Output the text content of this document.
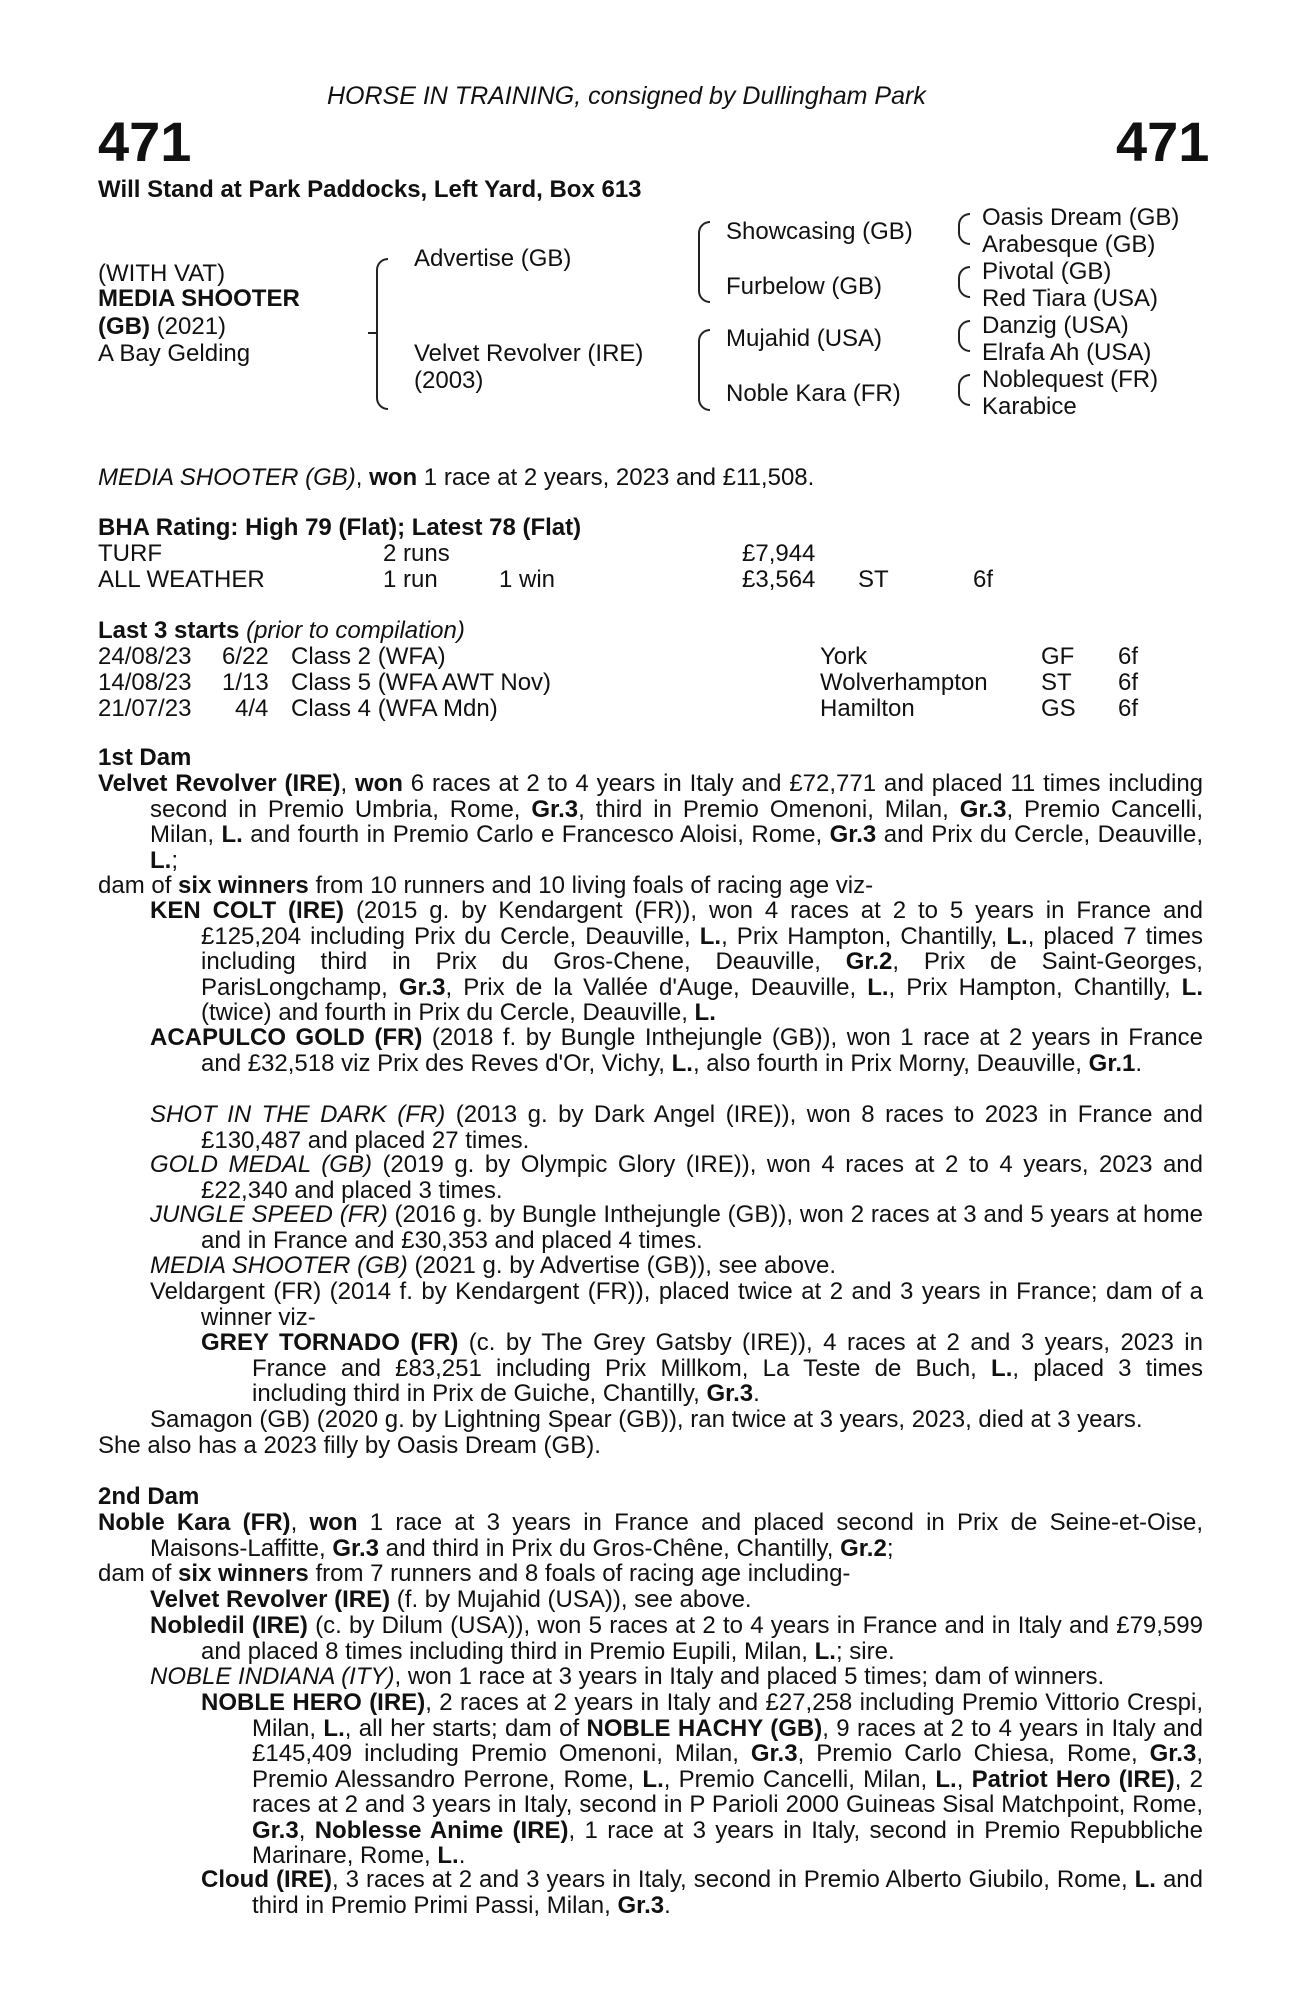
HORSE IN TRAINING, consigned by Dullingham Park
471	471
Will Stand at Park Paddocks, Left Yard, Box 613
(WITH VAT)
MEDIA SHOOTER
(GB) (2021)
A Bay Gelding
Advertise (GB)
Velvet Revolver (IRE)
(2003)
Showcasing (GB)
Furbelow (GB)
Mujahid (USA)
Noble Kara (FR)
Oasis Dream (GB)
Arabesque (GB)
Pivotal (GB)
Red Tiara (USA)
Danzig (USA)
Elrafa Ah (USA)
Noblequest (FR)
Karabice
MEDIA SHOOTER (GB), won 1 race at 2 years, 2023 and £11,508.
BHA Rating: High 79 (Flat); Latest 78 (Flat)
TURF	2 runs	£7,944
ALL WEATHER	1 run	1 win	£3,564 ST	6f
Last 3 starts (prior to compilation)
24/08/23 6/22 Class 2 (WFA)	York	GF 6f
14/08/23 1/13 Class 5 (WFA AWT Nov)	Wolverhampton ST 6f
21/07/23 4/4 Class 4 (WFA Mdn)	Hamilton	GS 6f
1st Dam
Velvet Revolver (IRE), won 6 races at 2 to 4 years in Italy and £72,771 and placed 11 times including second in Premio Umbria, Rome, Gr.3, third in Premio Omenoni, Milan, Gr.3, Premio Cancelli, Milan, L. and fourth in Premio Carlo e Francesco Aloisi, Rome, Gr.3 and Prix du Cercle, Deauville, L.;
dam of six winners from 10 runners and 10 living foals of racing age viz-
KEN COLT (IRE) (2015 g. by Kendargent (FR)), won 4 races at 2 to 5 years in France and £125,204 including Prix du Cercle, Deauville, L., Prix Hampton, Chantilly, L., placed 7 times including third in Prix du Gros-Chene, Deauville, Gr.2, Prix de Saint-Georges, ParisLongchamp, Gr.3, Prix de la Vallée d'Auge, Deauville, L., Prix Hampton, Chantilly, L. (twice) and fourth in Prix du Cercle, Deauville, L.
ACAPULCO GOLD (FR) (2018 f. by Bungle Inthejungle (GB)), won 1 race at 2 years in France and £32,518 viz Prix des Reves d'Or, Vichy, L., also fourth in Prix Morny, Deauville, Gr.1.
SHOT IN THE DARK (FR) (2013 g. by Dark Angel (IRE)), won 8 races to 2023 in France and £130,487 and placed 27 times.
GOLD MEDAL (GB) (2019 g. by Olympic Glory (IRE)), won 4 races at 2 to 4 years, 2023 and £22,340 and placed 3 times.
JUNGLE SPEED (FR) (2016 g. by Bungle Inthejungle (GB)), won 2 races at 3 and 5 years at home and in France and £30,353 and placed 4 times.
MEDIA SHOOTER (GB) (2021 g. by Advertise (GB)), see above.
Veldargent (FR) (2014 f. by Kendargent (FR)), placed twice at 2 and 3 years in France; dam of a winner viz-
GREY TORNADO (FR) (c. by The Grey Gatsby (IRE)), 4 races at 2 and 3 years, 2023 in France and £83,251 including Prix Millkom, La Teste de Buch, L., placed 3 times including third in Prix de Guiche, Chantilly, Gr.3.
Samagon (GB) (2020 g. by Lightning Spear (GB)), ran twice at 3 years, 2023, died at 3 years.
She also has a 2023 filly by Oasis Dream (GB).
2nd Dam
Noble Kara (FR), won 1 race at 3 years in France and placed second in Prix de Seine-et-Oise, Maisons-Laffitte, Gr.3 and third in Prix du Gros-Chêne, Chantilly, Gr.2;
dam of six winners from 7 runners and 8 foals of racing age including-
Velvet Revolver (IRE) (f. by Mujahid (USA)), see above.
Nobledil (IRE) (c. by Dilum (USA)), won 5 races at 2 to 4 years in France and in Italy and £79,599 and placed 8 times including third in Premio Eupili, Milan, L.; sire.
NOBLE INDIANA (ITY), won 1 race at 3 years in Italy and placed 5 times; dam of winners.
NOBLE HERO (IRE), 2 races at 2 years in Italy and £27,258 including Premio Vittorio Crespi, Milan, L., all her starts; dam of NOBLE HACHY (GB), 9 races at 2 to 4 years in Italy and £145,409 including Premio Omenoni, Milan, Gr.3, Premio Carlo Chiesa, Rome, Gr.3, Premio Alessandro Perrone, Rome, L., Premio Cancelli, Milan, L., Patriot Hero (IRE), 2 races at 2 and 3 years in Italy, second in P Parioli 2000 Guineas Sisal Matchpoint, Rome, Gr.3, Noblesse Anime (IRE), 1 race at 3 years in Italy, second in Premio Repubbliche Marinare, Rome, L..
Cloud (IRE), 3 races at 2 and 3 years in Italy, second in Premio Alberto Giubilo, Rome, L. and third in Premio Primi Passi, Milan, Gr.3.
